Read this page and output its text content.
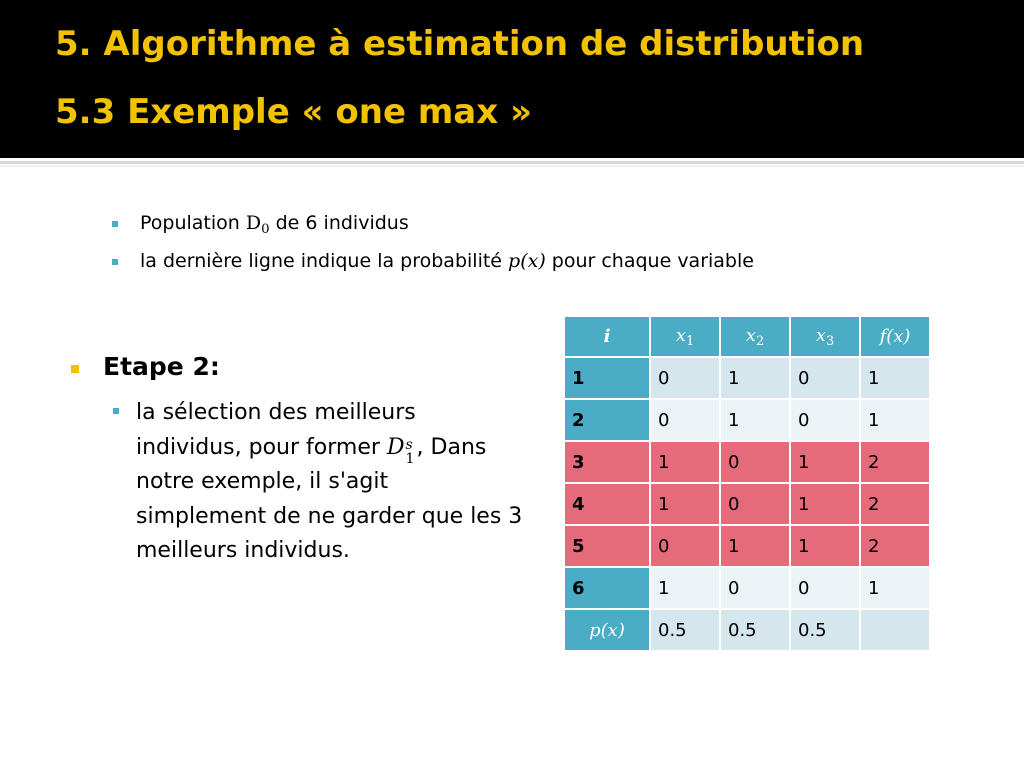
5. Algorithme à estimation de distribution
5.3 Exemple « one max »
Population $D_0$ de 6 individus
la dernière ligne indique la probabilité p(x) pour chaque variable
Etape 2:
la sélection des meilleurs
individus, pour former D s
1 , Dans
notre exemple, il s'agit
simplement de ne garder que les 3
meilleurs individus.
i	$x_1$	$x_2$	$x_3$	f(x)
1	0	1	0	1
2	0	1	0	1
3	1	0	1	2
4	1	0	1	2
5	0	1	1	2
6	1	0	0	1
p(x)	0.5	0.5	0.5	
